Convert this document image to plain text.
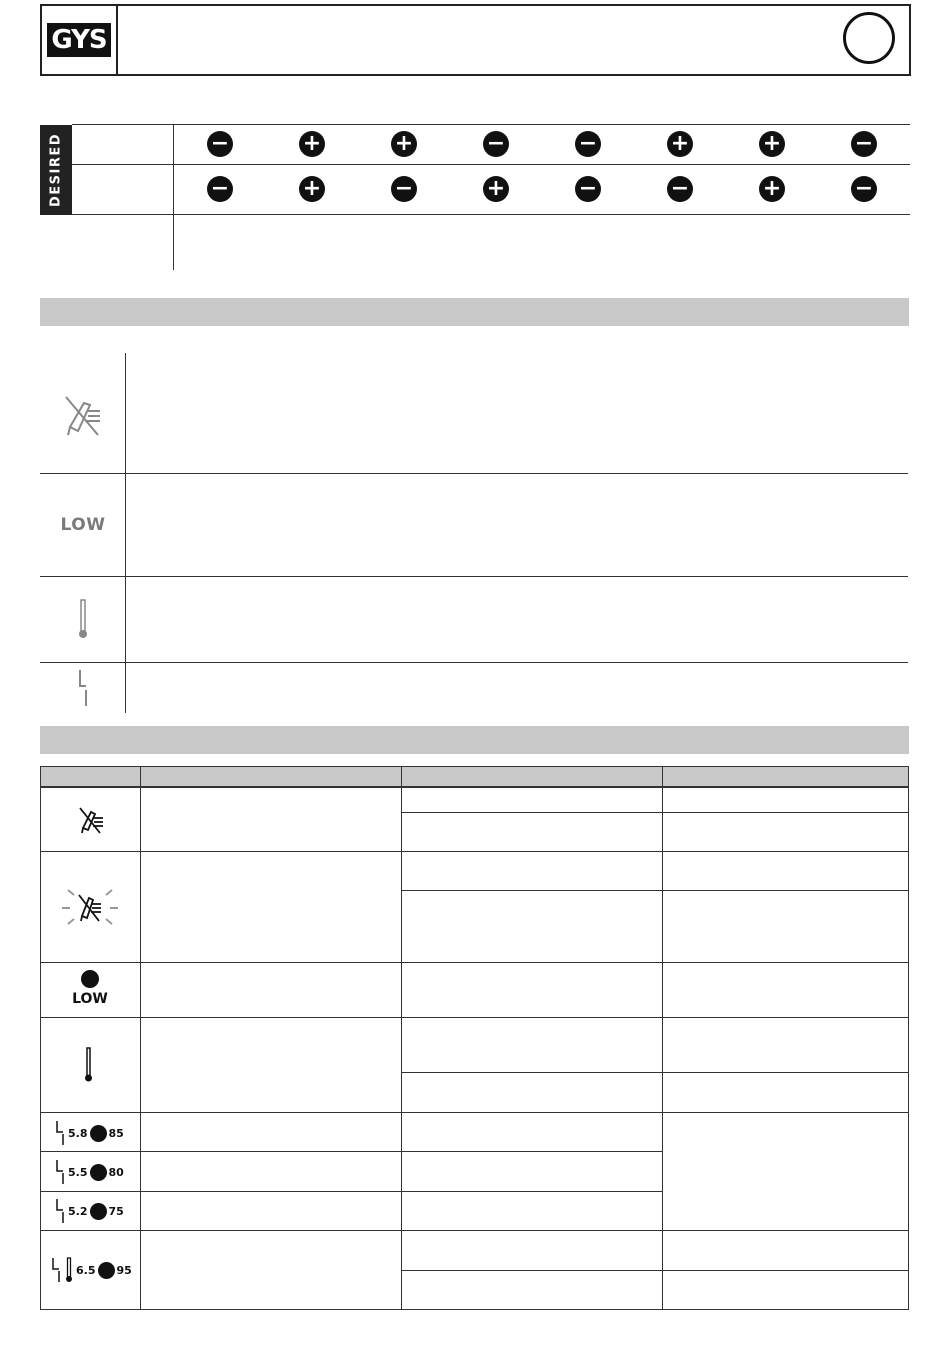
GYS
DESIRED	−	+	+	−	−	+	+	−
−	+	−	+	−	−	+	−
LOW
LOW
5.8 85
5.5 80
5.2 75
6.5 95
